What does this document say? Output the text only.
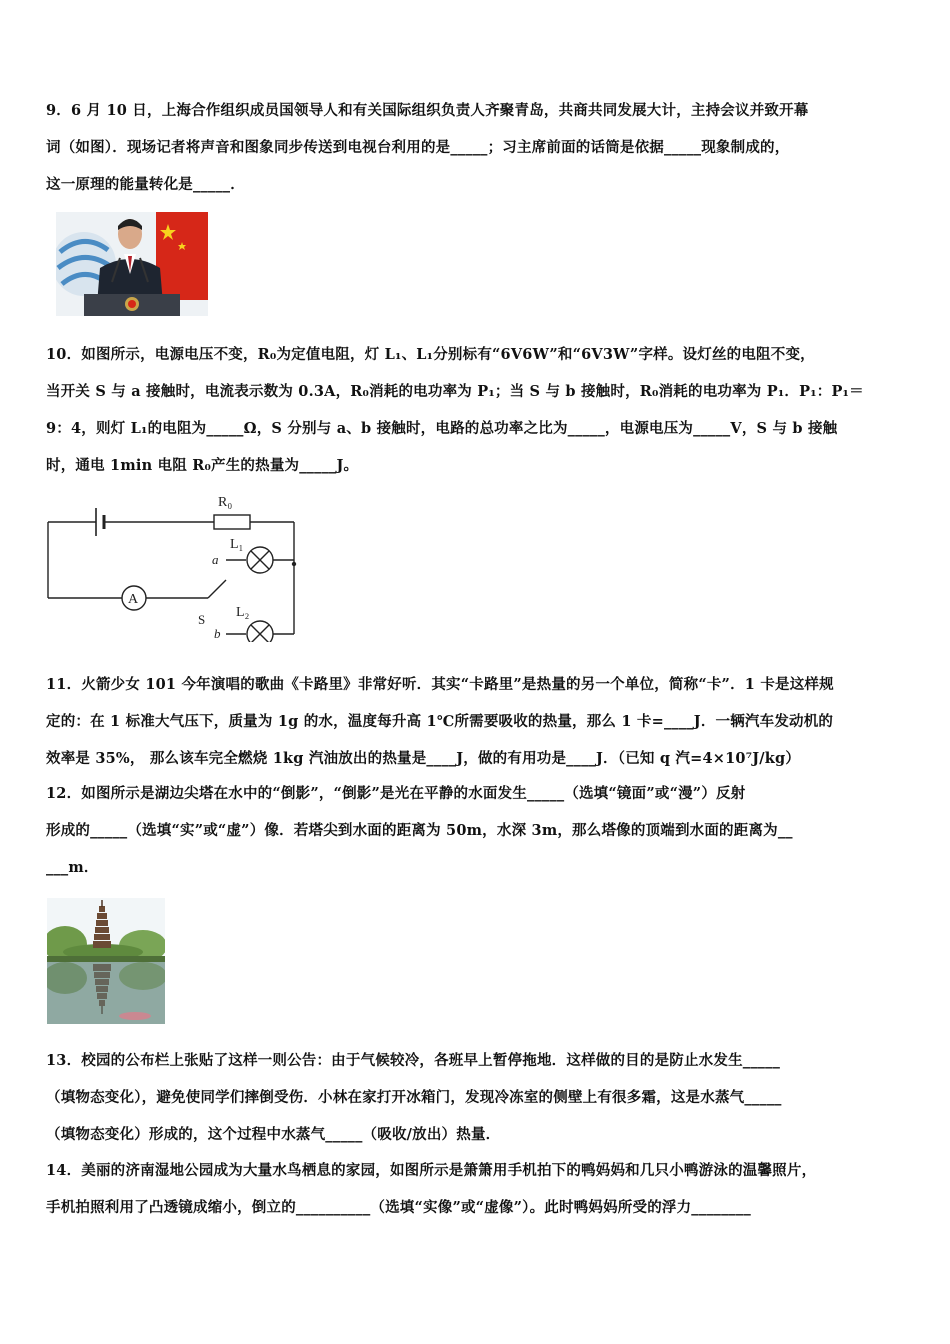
9．6 月 10 日，上海合作组织成员国领导人和有关国际组织负责人齐聚青岛，共商共同发展大计，主持会议并致开幕

词（如图）．现场记者将声音和图象同步传送到电视台利用的是_____；习主席前面的话筒是依据_____现象制成的，

这一原理的能量转化是_____．

10．如图所示，电源电压不变，R₀为定值电阻，灯 L₁、L₁分别标有“6V6W”和“6V3W”字样。设灯丝的电阻不变，

当开关 S 与 a 接触时，电流表示数为 0.3A，R₀消耗的电功率为 P₁；当 S 与 b 接触时，R₀消耗的电功率为 P₁．P₁：P₁＝

9：4，则灯 L₁的电阻为_____Ω，S 分别与 a、b 接触时，电路的总功率之比为_____，电源电压为_____V，S 与 b 接触

时，通电 1min 电阻 R₀产生的热量为_____J。

R₀
L₁
L₂
a
b
S
A

11．火箭少女 101 今年演唱的歌曲《卡路里》非常好听．其实“卡路里”是热量的另一个单位，简称“卡”．1 卡是这样规

定的：在 1 标准大气压下，质量为 1g 的水，温度每升高 1℃所需要吸收的热量，那么 1 卡=____J．一辆汽车发动机的

效率是 35%， 那么该车完全燃烧 1kg 汽油放出的热量是____J，做的有用功是____J．（已知 q 汽=4×10⁷J/kg）

12．如图所示是湖边尖塔在水中的“倒影”，“倒影”是光在平静的水面发生_____（选填“镜面”或“漫”）反射

形成的_____（选填“实”或“虚”）像．若塔尖到水面的距离为 50m，水深 3m，那么塔像的顶端到水面的距离为__

___m．

13．校园的公布栏上张贴了这样一则公告：由于气候较冷，各班早上暂停拖地．这样做的目的是防止水发生_____

（填物态变化），避免使同学们摔倒受伤．小林在家打开冰箱门，发现冷冻室的侧壁上有很多霜，这是水蒸气_____

（填物态变化）形成的，这个过程中水蒸气_____（吸收/放出）热量．

14．美丽的济南湿地公园成为大量水鸟栖息的家园，如图所示是箫箫用手机拍下的鸭妈妈和几只小鸭游泳的温馨照片，

手机拍照利用了凸透镜成缩小，倒立的__________（选填“实像”或“虚像”）。此时鸭妈妈所受的浮力________
